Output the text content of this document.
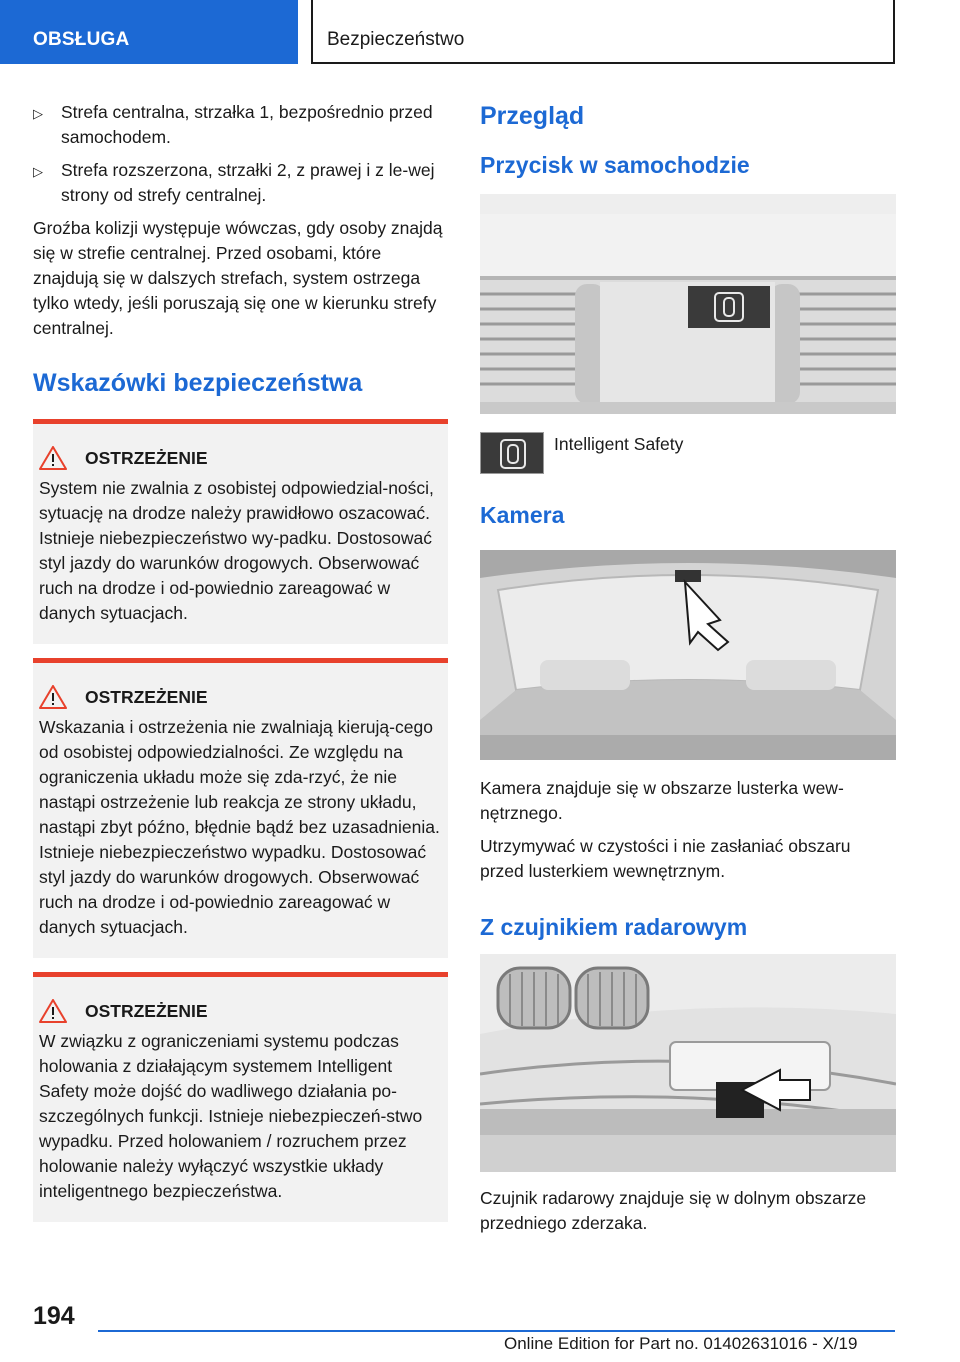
OBSŁUGA	Bezpieczeństwo
▷ Strefa centralna, strzałka 1, bezpośrednio przed samochodem.
▷ Strefa rozszerzona, strzałki 2, z prawej i z le-wej strony od strefy centralnej.

Groźba kolizji występuje wówczas, gdy osoby znajdą się w strefie centralnej. Przed osobami, które znajdują się w dalszych strefach, system ostrzega tylko wtedy, jeśli poruszają się one w kierunku strefy centralnej.

Wskazówki bezpieczeństwa
OSTRZEŻENIE
System nie zwalnia z osobistej odpowiedzial-ności, sytuację na drodze należy prawidłowo oszacować. Istnieje niebezpieczeństwo wy-padku. Dostosować styl jazdy do warunków drogowych. Obserwować ruch na drodze i od-powiednio zareagować w danych sytuacjach.
OSTRZEŻENIE
Wskazania i ostrzeżenia nie zwalniają kierują-cego od osobistej odpowiedzialności. Ze względu na ograniczenia układu może się zda-rzyć, że nie nastąpi ostrzeżenie lub reakcja ze strony układu, nastąpi zbyt późno, błędnie bądź bez uzasadnienia. Istnieje niebezpieczeństwo wypadku. Dostosować styl jazdy do warunków drogowych. Obserwować ruch na drodze i od-powiednio zareagować w danych sytuacjach.
OSTRZEŻENIE
W związku z ograniczeniami systemu podczas holowania z działającym systemem Intelligent Safety może dojść do wadliwego działania po-szczególnych funkcji. Istnieje niebezpieczeń-stwo wypadku. Przed holowaniem / rozruchem przez holowanie należy wyłączyć wszystkie układy inteligentnego bezpieczeństwa.
Przegląd
Przycisk w samochodzie
Intelligent Safety
Kamera

Kamera znajduje się w obszarze lusterka wew-nętrznego.

Utrzymywać w czystości i nie zasłaniać obszaru przed lusterkiem wewnętrznym.

Z czujnikiem radarowym

Czujnik radarowy znajduje się w dolnym obszarze przedniego zderzaka.

194
Online Edition for Part no. 01402631016 - X/19
